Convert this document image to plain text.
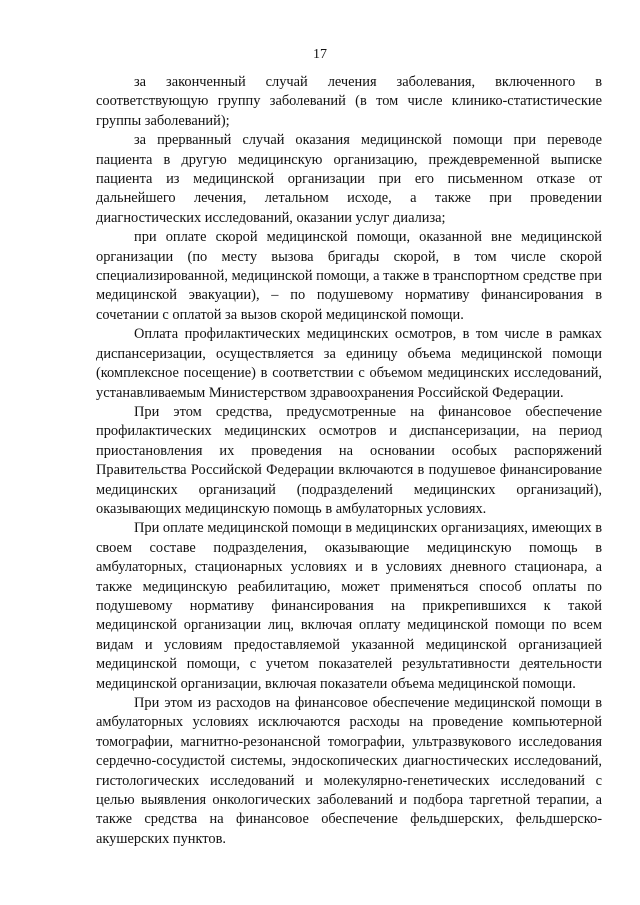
17

за законченный случай лечения заболевания, включенного в соответствующую группу заболеваний (в том числе клинико-статистические группы заболеваний);

за прерванный случай оказания медицинской помощи при переводе пациента в другую медицинскую организацию, преждевременной выписке пациента из медицинской организации при его письменном отказе от дальнейшего лечения, летальном исходе, а также при проведении диагностических исследований, оказании услуг диализа;

при оплате скорой медицинской помощи, оказанной вне медицинской организации (по месту вызова бригады скорой, в том числе скорой специализированной, медицинской помощи, а также в транспортном средстве при медицинской эвакуации), – по подушевому нормативу финансирования в сочетании с оплатой за вызов скорой медицинской помощи.

Оплата профилактических медицинских осмотров, в том числе в рамках диспансеризации, осуществляется за единицу объема медицинской помощи (комплексное посещение) в соответствии с объемом медицинских исследований, устанавливаемым Министерством здравоохранения Российской Федерации.

При этом средства, предусмотренные на финансовое обеспечение профилактических медицинских осмотров и диспансеризации, на период приостановления их проведения на основании особых распоряжений Правительства Российской Федерации включаются в подушевое финансирование медицинских организаций (подразделений медицинских организаций), оказывающих медицинскую помощь в амбулаторных условиях.

При оплате медицинской помощи в медицинских организациях, имеющих в своем составе подразделения, оказывающие медицинскую помощь в амбулаторных, стационарных условиях и в условиях дневного стационара, а также медицинскую реабилитацию, может применяться способ оплаты по подушевому нормативу финансирования на прикрепившихся к такой медицинской организации лиц, включая оплату медицинской помощи по всем видам и условиям предоставляемой указанной медицинской организацией медицинской помощи, с учетом показателей результативности деятельности медицинской организации, включая показатели объема медицинской помощи.

При этом из расходов на финансовое обеспечение медицинской помощи в амбулаторных условиях исключаются расходы на проведение компьютерной томографии, магнитно-резонансной томографии, ультразвукового исследования сердечно-сосудистой системы, эндоскопических диагностических исследований, гистологических исследований и молекулярно-генетических исследований с целью выявления онкологических заболеваний и подбора таргетной терапии, а также средства на финансовое обеспечение фельдшерских, фельдшерско-акушерских пунктов.
